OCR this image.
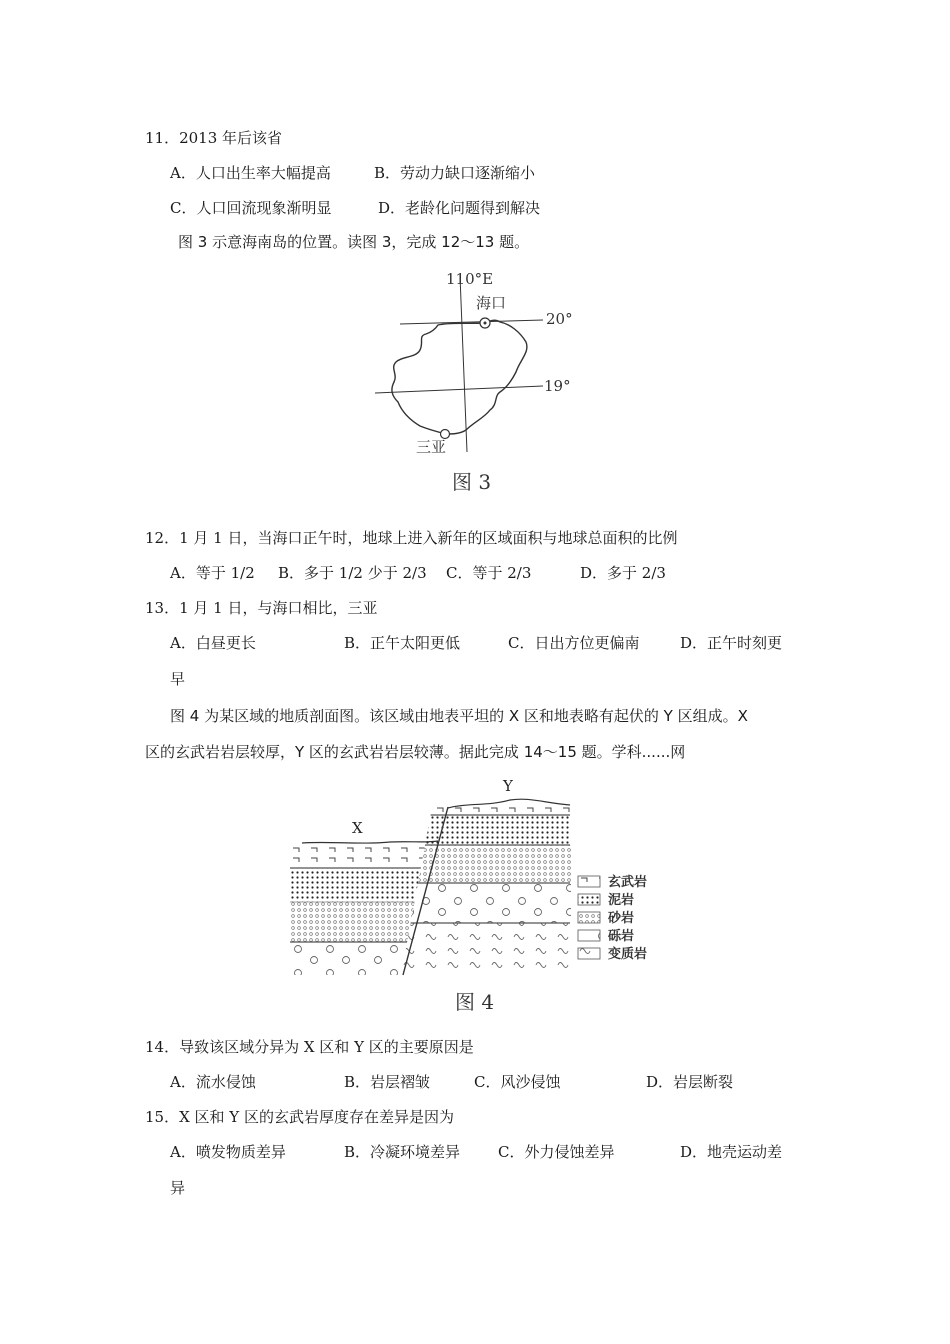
11．2013 年后该省
A．人口出生率大幅提高	B．劳动力缺口逐渐缩小
C．人口回流现象渐明显	D．老龄化问题得到解决
图 3 示意海南岛的位置。读图 3，完成 12～13 题。
110°E
海口
20°
19°
三亚
图 3
12．1 月 1 日，当海口正午时，地球上进入新年的区域面积与地球总面积的比例
A．等于 1/2 B．多于 1/2 少于 2/3 C．等于 2/3	D．多于 2/3
13．1 月 1 日，与海口相比，三亚
A．白昼更长	B．正午太阳更低	C．日出方位更偏南	D．正午时刻更
早
图 4 为某区域的地质剖面图。该区域由地表平坦的 X 区和地表略有起伏的 Y 区组成。X
区的玄武岩岩层较厚，Y 区的玄武岩岩层较薄。据此完成 14～15 题。学科......网
X
Y
玄武岩
泥岩
砂岩
砾岩
变质岩
图 4
14．导致该区域分异为 X 区和 Y 区的主要原因是
A．流水侵蚀	B．岩层褶皱	C．风沙侵蚀	D．岩层断裂
15．X 区和 Y 区的玄武岩厚度存在差异是因为
A．喷发物质差异	B．冷凝环境差异	C．外力侵蚀差异	D．地壳运动差
异
